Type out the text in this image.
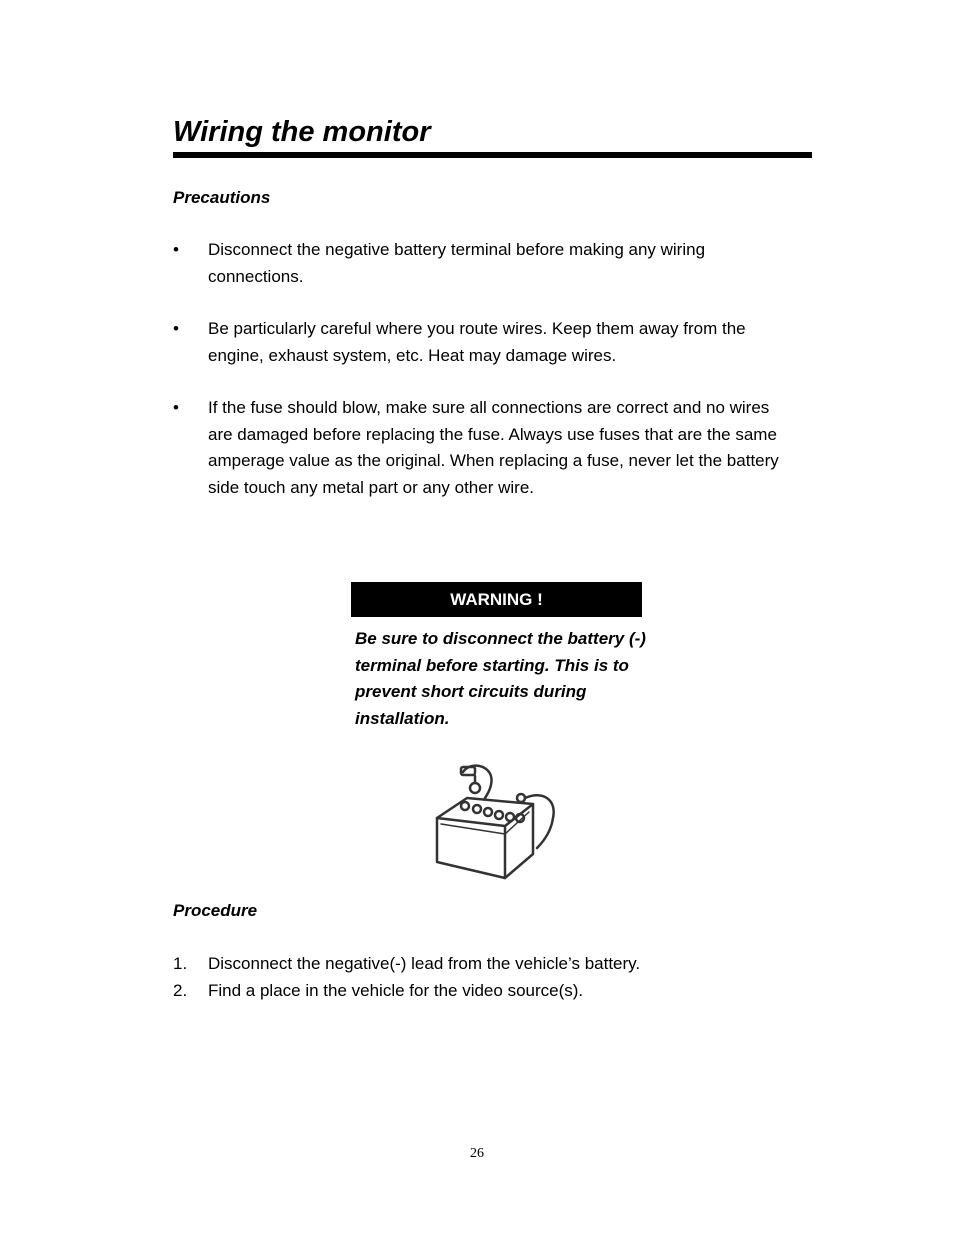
Wiring the monitor
Precautions
• Disconnect the negative battery terminal before making any wiring connections.
• Be particularly careful where you route wires. Keep them away from the engine, exhaust system, etc. Heat may damage wires.
• If the fuse should blow, make sure all connections are correct and no wires are damaged before replacing the fuse. Always use fuses that are the same amperage value as the original. When replacing a fuse, never let the battery side touch any metal part or any other wire.
WARNING !

Be sure to disconnect the battery (-) terminal before starting. This is to prevent short circuits during installation.

Procedure
1. Disconnect the negative(-) lead from the vehicle’s battery.
2. Find a place in the vehicle for the video source(s).
26
